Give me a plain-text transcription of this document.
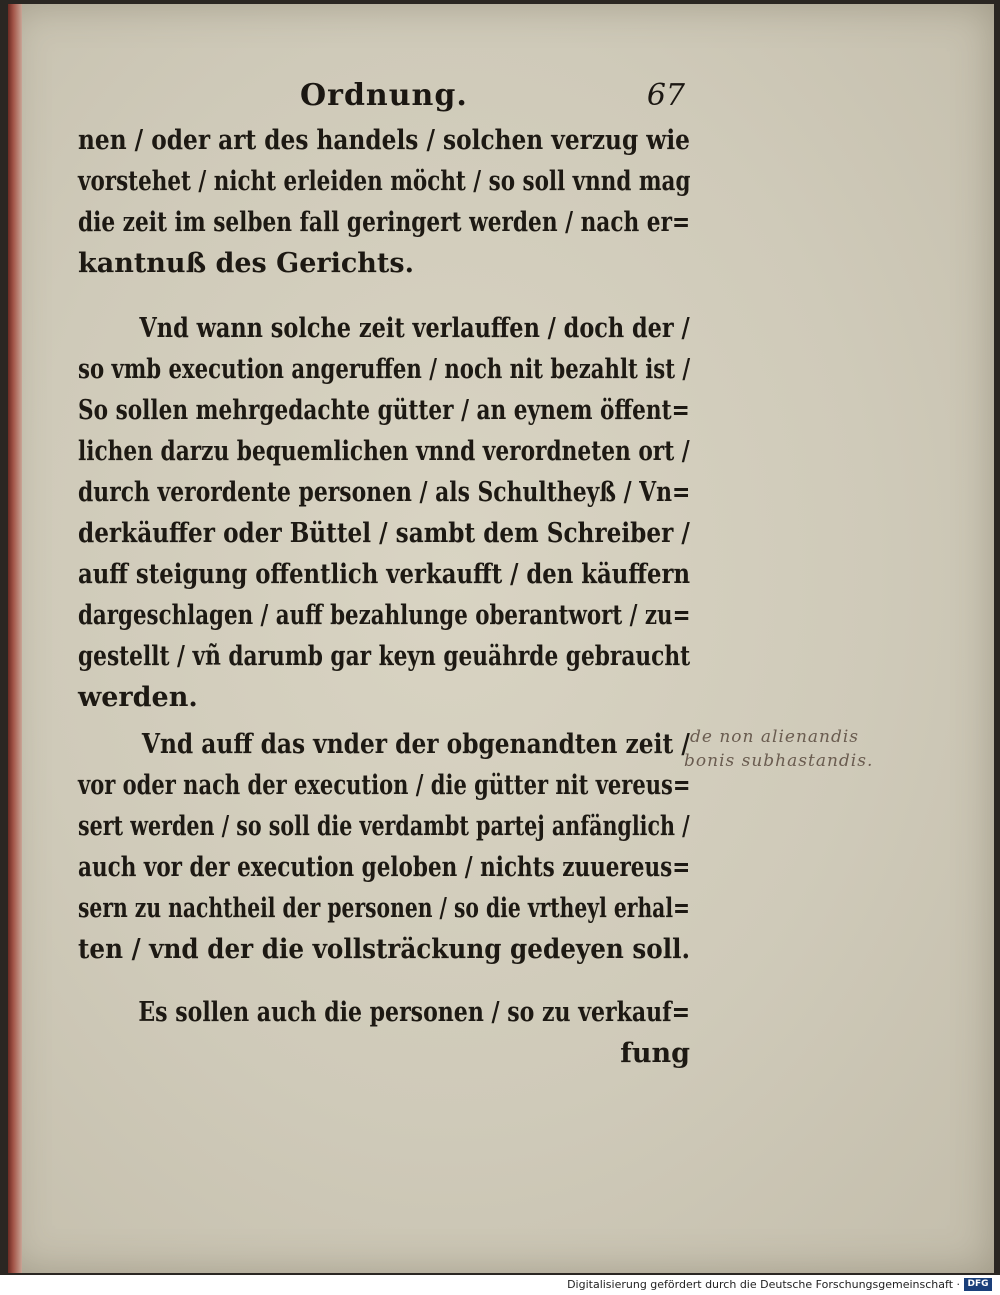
Ordnung.	67
nen / oder art des handels / solchen verzug wie
vorstehet / nicht erleiden möcht / so soll vnnd mag
die zeit im selben fall geringert werden / nach er=
kantnuß des Gerichts.
Vnd wann solche zeit verlauffen / doch der /
so vmb execution angeruffen / noch nit bezahlt ist /
So sollen mehrgedachte gütter / an eynem öffent=
lichen darzu bequemlichen vnnd verordneten ort /
durch verordente personen / als Schultheyß / Vn=
derkäuffer oder Büttel / sambt dem Schreiber /
auff steigung offentlich verkaufft / den käuffern
dargeschlagen / auff bezahlunge oberantwort / zu=
gestellt / vñ darumb gar keyn geuährde gebraucht
werden.
Vnd auff das vnder der obgenandten zeit /
vor oder nach der execution / die gütter nit vereus=
sert werden / so soll die verdambt partej anfänglich /
auch vor der execution geloben / nichts zuuereus=
sern zu nachtheil der personen / so die vrtheyl erhal=
ten / vnd der die vollsträckung gedeyen soll.
Es sollen auch die personen / so zu verkauf=
fung
de non alienandis
bonis subhastandis.
Digitalisierung gefördert durch die Deutsche Forschungsgemeinschaft · DFG
